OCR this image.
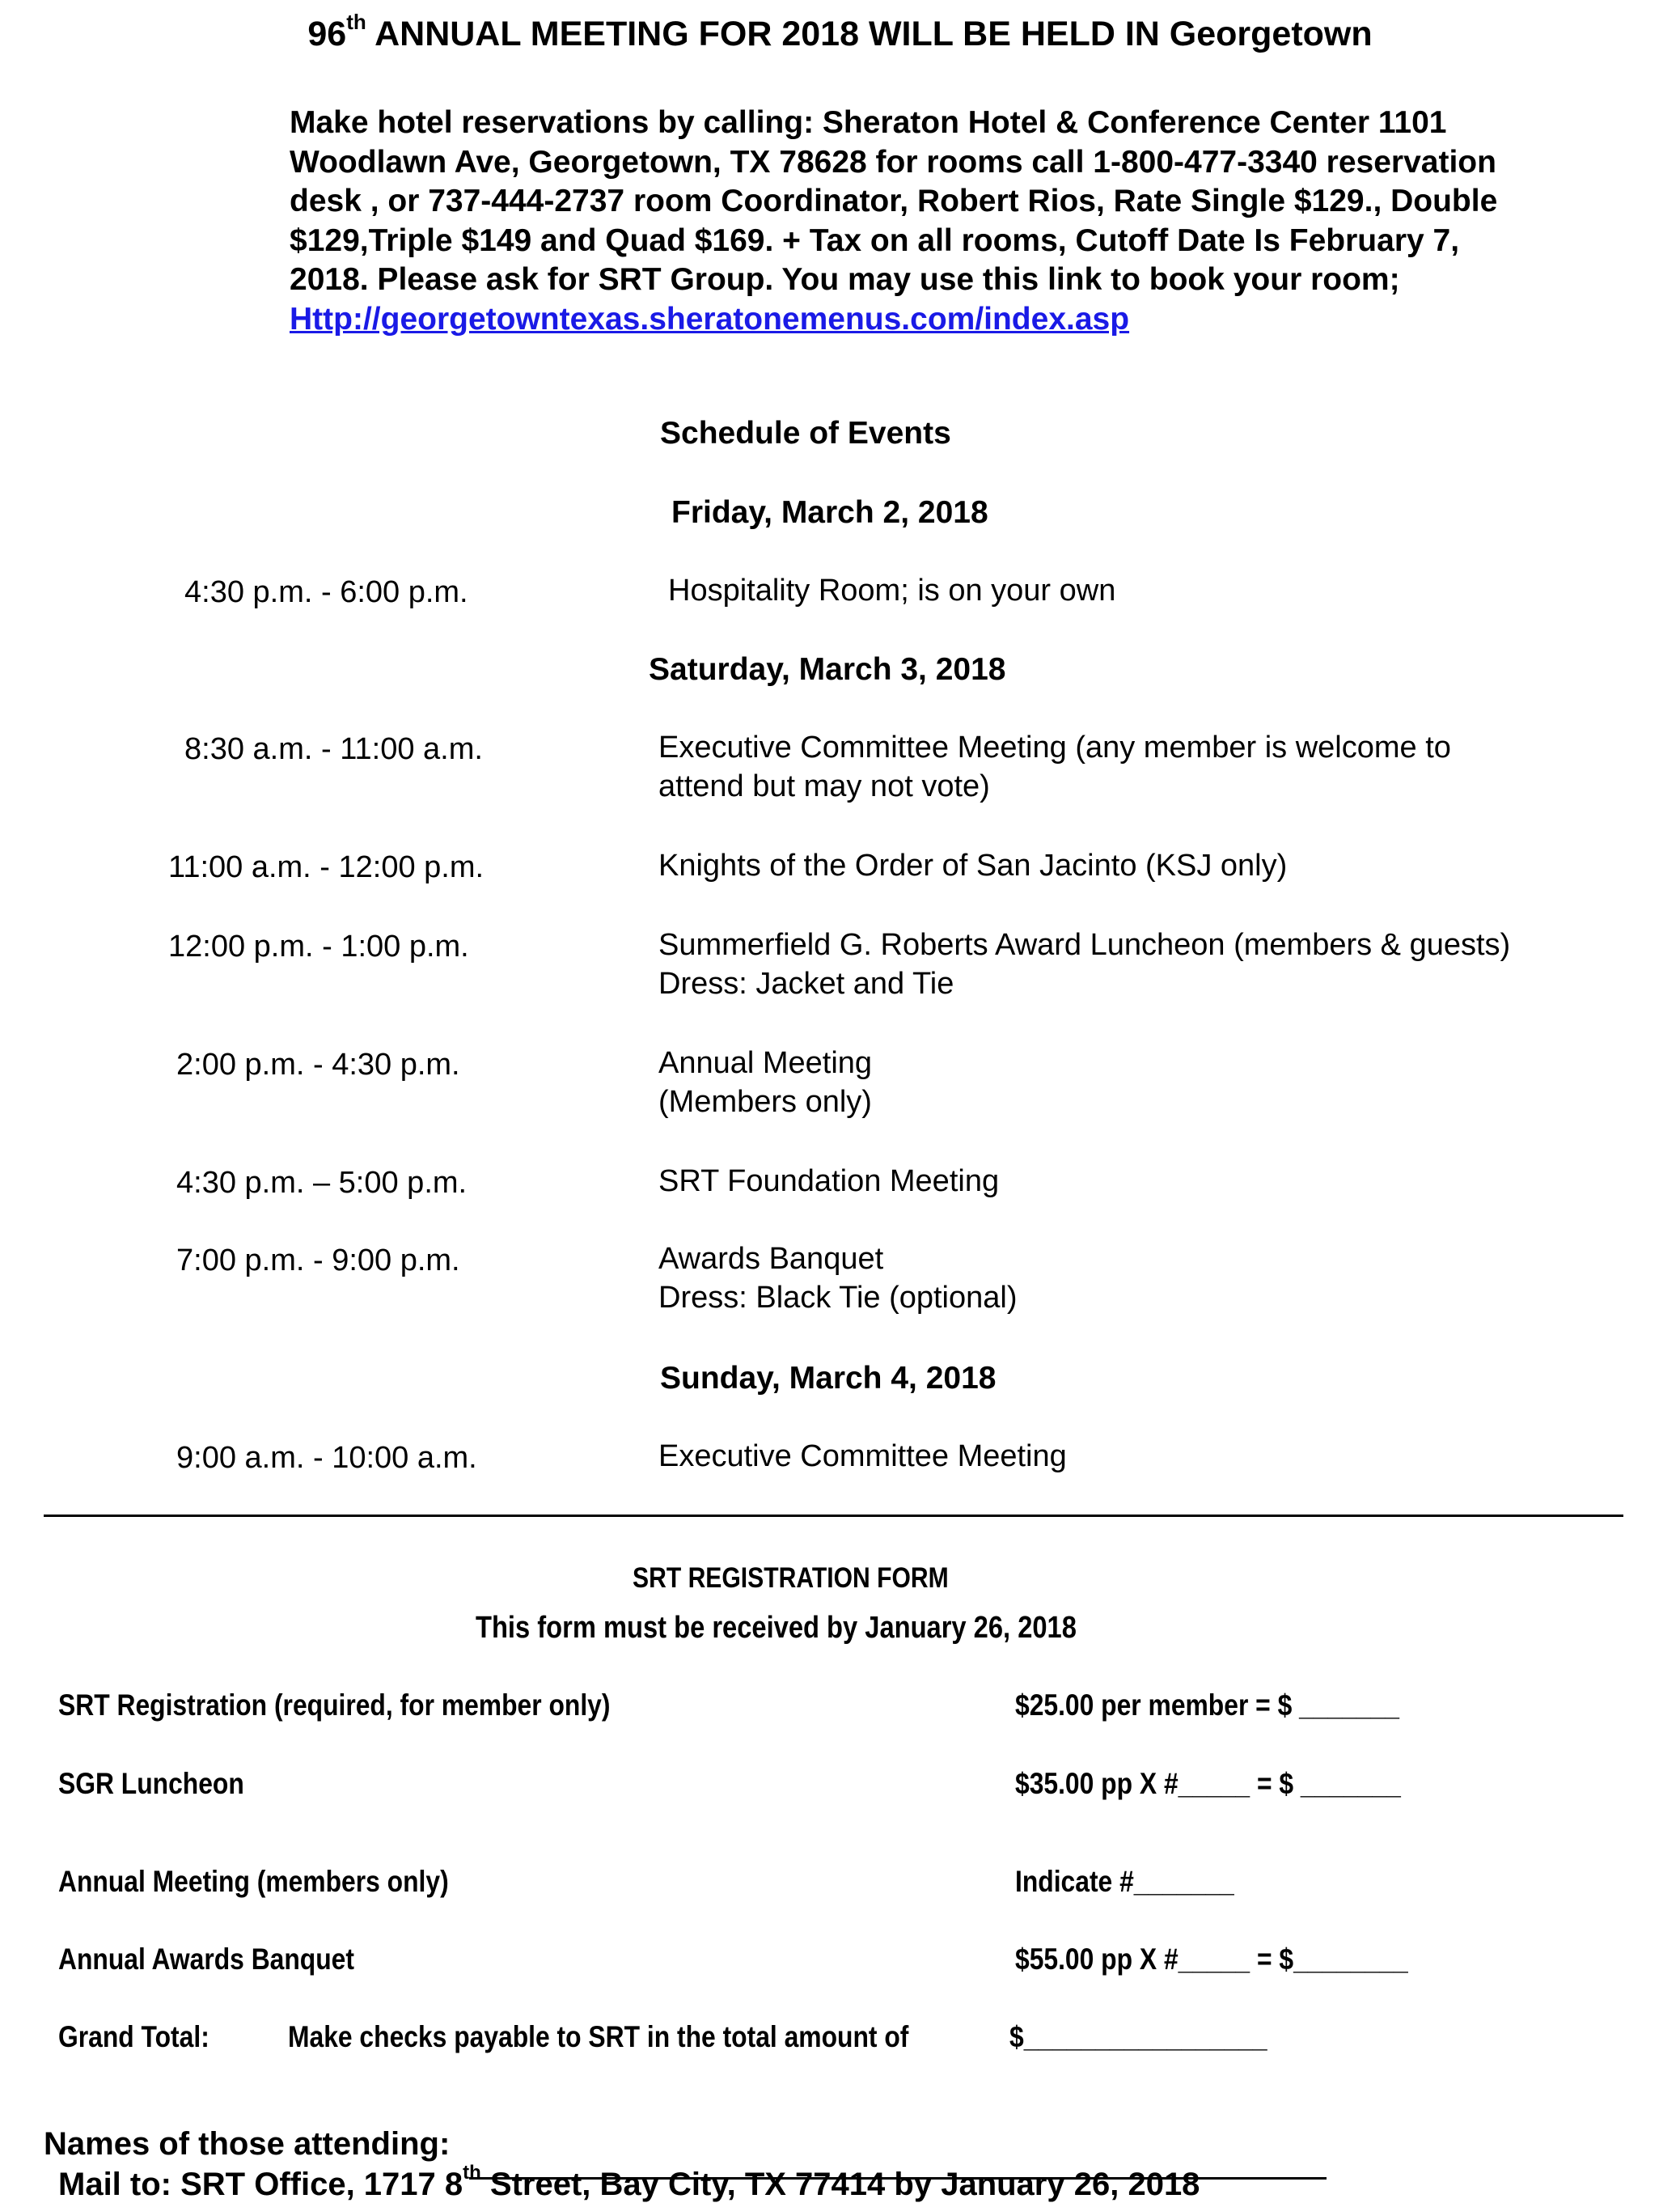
96th ANNUAL MEETING FOR 2018 WILL BE HELD IN Georgetown
Make hotel reservations by calling: Sheraton Hotel & Conference Center 1101
Woodlawn Ave, Georgetown, TX 78628 for rooms call 1-800-477-3340 reservation
desk , or 737-444-2737 room Coordinator, Robert Rios, Rate Single $129., Double
$129,Triple $149 and Quad $169. + Tax on all rooms, Cutoff Date Is February 7,
2018. Please ask for SRT Group. You may use this link to book your room;
Http://georgetowntexas.sheratonemenus.com/index.asp
Schedule of Events
Friday, March 2, 2018
4:30 p.m. - 6:00 p.m.	Hospitality Room; is on your own
Saturday, March 3, 2018
8:30 a.m. - 11:00 a.m.	Executive Committee Meeting (any member is welcome to
attend but may not vote)
11:00 a.m. - 12:00 p.m.	Knights of the Order of San Jacinto (KSJ only)
12:00 p.m. - 1:00 p.m.	Summerfield G. Roberts Award Luncheon (members & guests)
Dress: Jacket and Tie
2:00 p.m. - 4:30 p.m.	Annual Meeting
(Members only)
4:30 p.m. – 5:00 p.m.	SRT Foundation Meeting
7:00 p.m. - 9:00 p.m.	Awards Banquet
Dress: Black Tie (optional)
Sunday, March 4, 2018
9:00 a.m. - 10:00 a.m.	Executive Committee Meeting
SRT REGISTRATION FORM
This form must be received by January 26, 2018
SRT Registration (required, for member only)	$25.00 per member = $ _______
SGR Luncheon	$35.00 pp X #_____ = $ _______
Annual Meeting (members only)	Indicate #_______
Annual Awards Banquet	$55.00 pp X #_____ = $________
Grand Total:	Make checks payable to SRT in the total amount of	$_________________
Names of those attending:
Mail to: SRT Office, 1717 8th Street, Bay City, TX 77414 by January 26, 2018
